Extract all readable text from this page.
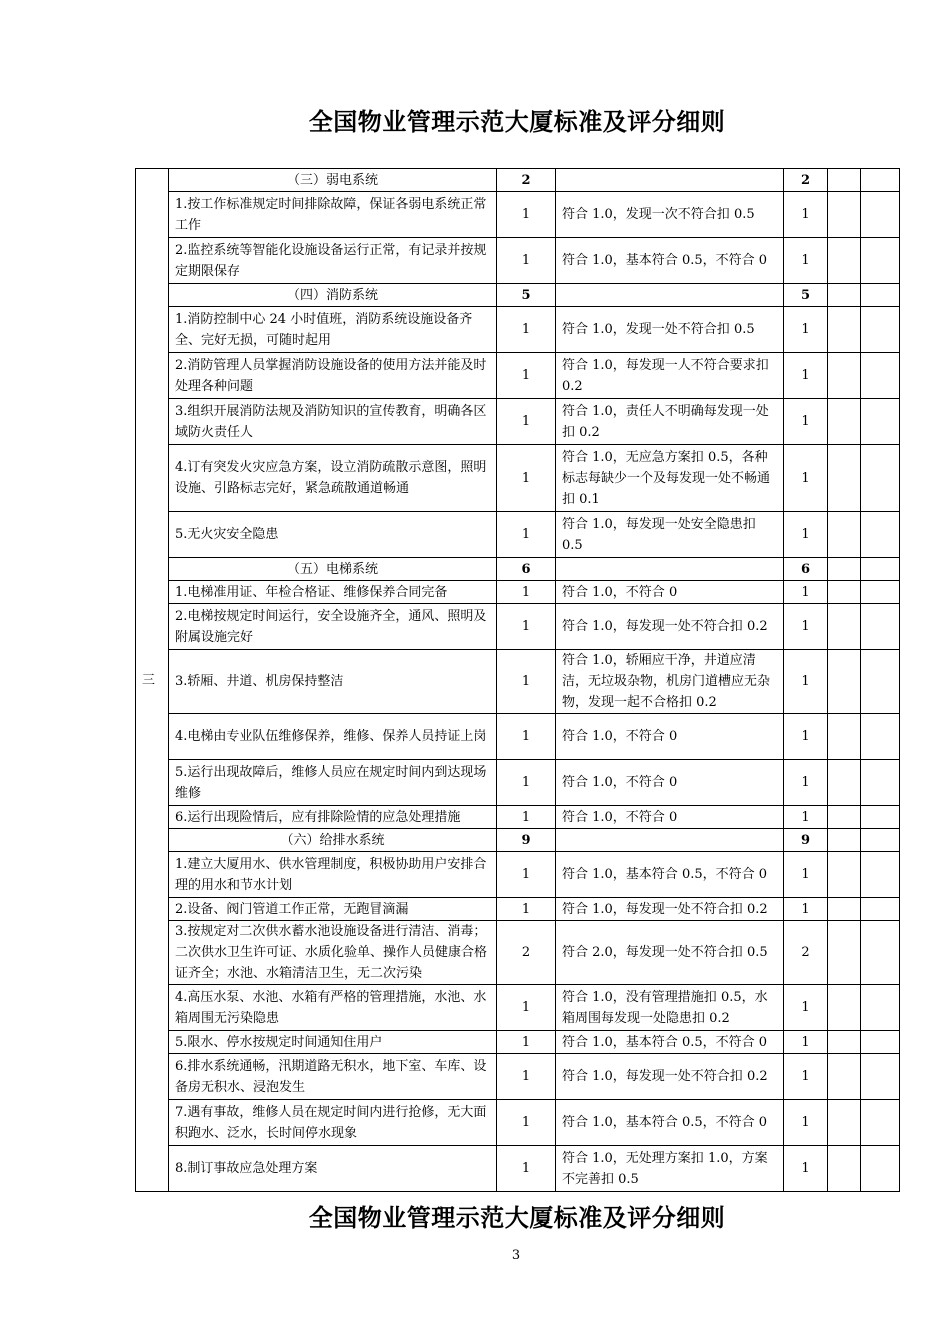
全国物业管理示范大厦标准及评分细则
三	（三）弱电系统	2		2		
	1.按工作标准规定时间排除故障，保证各弱电系统正常工作	1	符合 1.0，发现一次不符合扣 0.5	1		
	2.监控系统等智能化设施设备运行正常，有记录并按规定期限保存	1	符合 1.0，基本符合 0.5，不符合 0	1		
	（四）消防系统	5		5		
	1.消防控制中心 24 小时值班，消防系统设施设备齐全、完好无损，可随时起用	1	符合 1.0，发现一处不符合扣 0.5	1		
	2.消防管理人员掌握消防设施设备的使用方法并能及时处理各种问题	1	符合 1.0，每发现一人不符合要求扣 0.2	1		
	3.组织开展消防法规及消防知识的宣传教育，明确各区域防火责任人	1	符合 1.0，责任人不明确每发现一处扣 0.2	1		
	4.订有突发火灾应急方案，设立消防疏散示意图，照明设施、引路标志完好，紧急疏散通道畅通	1	符合 1.0，无应急方案扣 0.5，各种标志每缺少一个及每发现一处不畅通扣 0.1	1		
	5.无火灾安全隐患	1	符合 1.0，每发现一处安全隐患扣 0.5	1		
	（五）电梯系统	6		6		
	1.电梯准用证、年检合格证、维修保养合同完备	1	符合 1.0，不符合 0	1		
	2.电梯按规定时间运行，安全设施齐全，通风、照明及附属设施完好	1	符合 1.0，每发现一处不符合扣 0.2	1		
	3.轿厢、井道、机房保持整洁	1	符合 1.0，轿厢应干净，井道应清洁，无垃圾杂物，机房门道槽应无杂物，发现一起不合格扣 0.2	1		
	4.电梯由专业队伍维修保养，维修、保养人员持证上岗	1	符合 1.0，不符合 0	1		
	5.运行出现故障后，维修人员应在规定时间内到达现场维修	1	符合 1.0，不符合 0	1		
	6.运行出现险情后，应有排除险情的应急处理措施	1	符合 1.0，不符合 0	1		
	（六）给排水系统	9		9		
	1.建立大厦用水、供水管理制度，积极协助用户安排合理的用水和节水计划	1	符合 1.0，基本符合 0.5，不符合 0	1		
	2.设备、阀门管道工作正常，无跑冒滴漏	1	符合 1.0，每发现一处不符合扣 0.2	1		
	3.按规定对二次供水蓄水池设施设备进行清洁、消毒；二次供水卫生许可证、水质化验单、操作人员健康合格证齐全；水池、水箱清洁卫生，无二次污染	2	符合 2.0，每发现一处不符合扣 0.5	2		
	4.高压水泵、水池、水箱有严格的管理措施，水池、水箱周围无污染隐患	1	符合 1.0，没有管理措施扣 0.5，水箱周围每发现一处隐患扣 0.2	1		
	5.限水、停水按规定时间通知住用户	1	符合 1.0，基本符合 0.5，不符合 0	1		
	6.排水系统通畅，汛期道路无积水，地下室、车库、设备房无积水、浸泡发生	1	符合 1.0，每发现一处不符合扣 0.2	1		
	7.遇有事故，维修人员在规定时间内进行抢修，无大面积跑水、泛水，长时间停水现象	1	符合 1.0，基本符合 0.5，不符合 0	1		
	8.制订事故应急处理方案	1	符合 1.0，无处理方案扣 1.0，方案不完善扣 0.5	1		
全国物业管理示范大厦标准及评分细则
3
